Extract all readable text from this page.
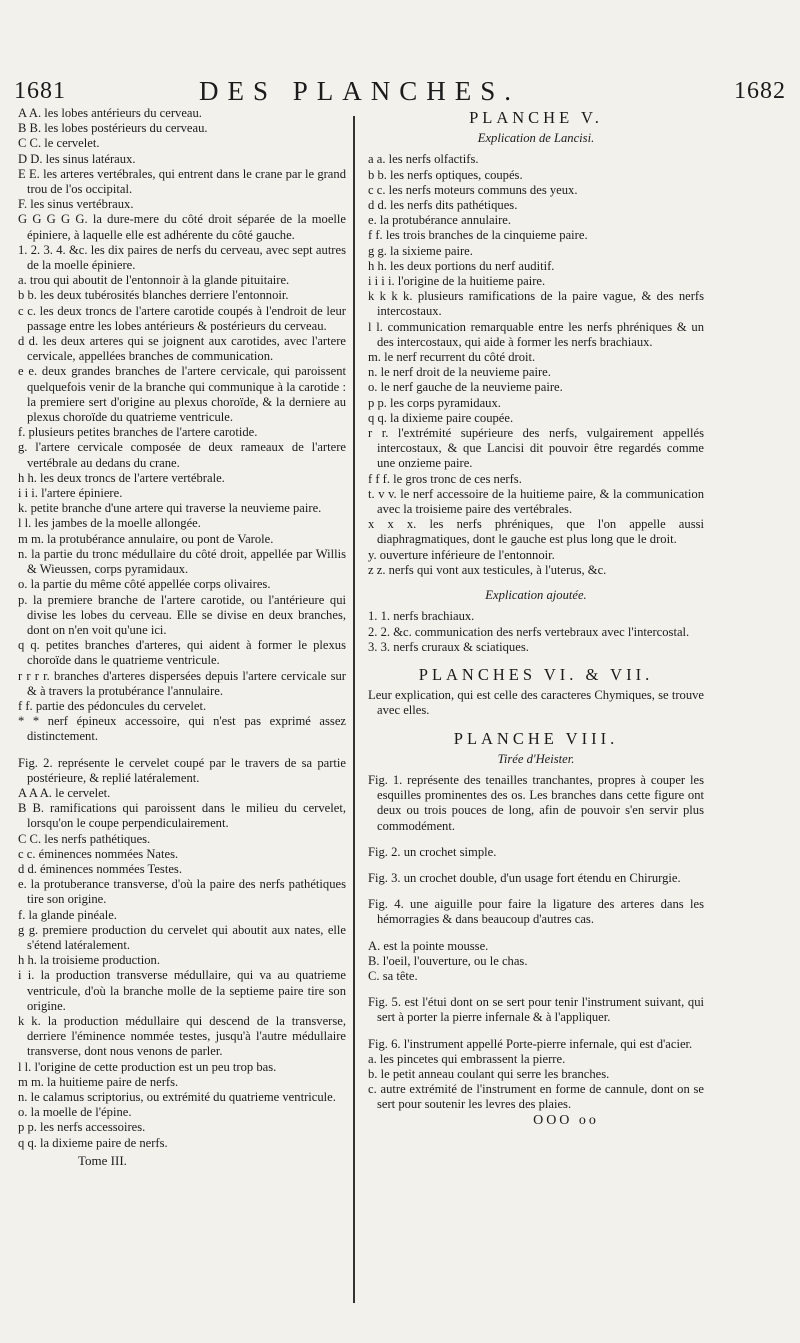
1681	DES PLANCHES.	1682

A A. les lobes antérieurs du cerveau.

B B. les lobes postérieurs du cerveau.

C C. le cervelet.

D D. les sinus latéraux.

E E. les arteres vertébrales, qui entrent dans le crane par le grand trou de l'os occipital.

F. les sinus vertébraux.

G G G G G. la dure-mere du côté droit séparée de la moelle épiniere, à laquelle elle est adhérente du côté gauche.

1. 2. 3. 4. &c. les dix paires de nerfs du cerveau, avec sept autres de la moelle épiniere.

a. trou qui aboutit de l'entonnoir à la glande pituitaire.

b b. les deux tubérosités blanches derriere l'entonnoir.

c c. les deux troncs de l'artere carotide coupés à l'endroit de leur passage entre les lobes antérieurs & postérieurs du cerveau.

d d. les deux arteres qui se joignent aux carotides, avec l'artere cervicale, appellées branches de communication.

e e. deux grandes branches de l'artere cervicale, qui paroissent quelquefois venir de la branche qui communique à la carotide : la premiere sert d'origine au plexus choroïde, & la derniere au plexus choroïde du quatrieme ventricule.

f. plusieurs petites branches de l'artere carotide.

g. l'artere cervicale composée de deux rameaux de l'artere vertébrale au dedans du crane.

h h. les deux troncs de l'artere vertébrale.

i i i. l'artere épiniere.

k. petite branche d'une artere qui traverse la neuvieme paire.

l l. les jambes de la moelle allongée.

m m. la protubérance annulaire, ou pont de Varole.

n. la partie du tronc médullaire du côté droit, appellée par Willis & Wieussen, corps pyramidaux.

o. la partie du même côté appellée corps olivaires.

p. la premiere branche de l'artere carotide, ou l'antérieure qui divise les lobes du cerveau. Elle se divise en deux branches, dont on n'en voit qu'une ici.

q q. petites branches d'arteres, qui aident à former le plexus choroïde dans le quatrieme ventricule.

r r r r. branches d'arteres dispersées depuis l'artere cervicale sur & à travers la protubérance l'annulaire.

f f. partie des pédoncules du cervelet.

* * nerf épineux accessoire, qui n'est pas exprimé assez distinctement.

Fig. 2. représente le cervelet coupé par le travers de sa partie postérieure, & replié latéralement.

A A A. le cervelet.

B B. ramifications qui paroissent dans le milieu du cervelet, lorsqu'on le coupe perpendiculairement.

C C. les nerfs pathétiques.

c c. éminences nommées Nates.

d d. éminences nommées Testes.

e. la protuberance transverse, d'où la paire des nerfs pathétiques tire son origine.

f. la glande pinéale.

g g. premiere production du cervelet qui aboutit aux nates, elle s'étend latéralement.

h h. la troisieme production.

i i. la production transverse médullaire, qui va au quatrieme ventricule, d'où la branche molle de la septieme paire tire son origine.

k k. la production médullaire qui descend de la transverse, derriere l'éminence nommée testes, jusqu'à l'autre médullaire transverse, dont nous venons de parler.

l l. l'origine de cette production est un peu trop bas.

m m. la huitieme paire de nerfs.

n. le calamus scriptorius, ou extrémité du quatrieme ventricule.

o. la moelle de l'épine.

p p. les nerfs accessoires.

q q. la dixieme paire de nerfs.

Tome III.
PLANCHE V.
Explication de Lancisi.

a a. les nerfs olfactifs.

b b. les nerfs optiques, coupés.

c c. les nerfs moteurs communs des yeux.

d d. les nerfs dits pathétiques.

e. la protubérance annulaire.

f f. les trois branches de la cinquieme paire.

g g. la sixieme paire.

h h. les deux portions du nerf auditif.

i i i i. l'origine de la huitieme paire.

k k k k. plusieurs ramifications de la paire vague, & des nerfs intercostaux.

l l. communication remarquable entre les nerfs phréniques & un des intercostaux, qui aide à former les nerfs brachiaux.

m. le nerf recurrent du côté droit.

n. le nerf droit de la neuvieme paire.

o. le nerf gauche de la neuvieme paire.

p p. les corps pyramidaux.

q q. la dixieme paire coupée.

r r. l'extrémité supérieure des nerfs, vulgairement appellés intercostaux, & que Lancisi dit pouvoir être regardés comme une onzieme paire.

f f f. le gros tronc de ces nerfs.

t. v v. le nerf accessoire de la huitieme paire, & la communication avec la troisieme paire des vertébrales.

x x x. les nerfs phréniques, que l'on appelle aussi diaphragmatiques, dont le gauche est plus long que le droit.

y. ouverture inférieure de l'entonnoir.

z z. nerfs qui vont aux testicules, à l'uterus, &c.

Explication ajoutée.

1. 1. nerfs brachiaux.

2. 2. &c. communication des nerfs vertebraux avec l'intercostal.

3. 3. nerfs cruraux & sciatiques.

PLANCHES VI. & VII.

Leur explication, qui est celle des caracteres Chymiques, se trouve avec elles.

PLANCHE VIII.
Tirée d'Heister.

Fig. 1. représente des tenailles tranchantes, propres à couper les esquilles prominentes des os. Les branches dans cette figure ont deux ou trois pouces de long, afin de pouvoir s'en servir plus commodément.

Fig. 2. un crochet simple.

Fig. 3. un crochet double, d'un usage fort étendu en Chirurgie.

Fig. 4. une aiguille pour faire la ligature des arteres dans les hémorragies & dans beaucoup d'autres cas.

A. est la pointe mousse.

B. l'oeil, l'ouverture, ou le chas.

C. sa tête.

Fig. 5. est l'étui dont on se sert pour tenir l'instrument suivant, qui sert à porter la pierre infernale & à l'appliquer.

Fig. 6. l'instrument appellé Porte-pierre infernale, qui est d'acier.

a. les pincetes qui embrassent la pierre.

b. le petit anneau coulant qui serre les branches.

c. autre extrémité de l'instrument en forme de cannule, dont on se sert pour soutenir les levres des plaies.

OOO oo
